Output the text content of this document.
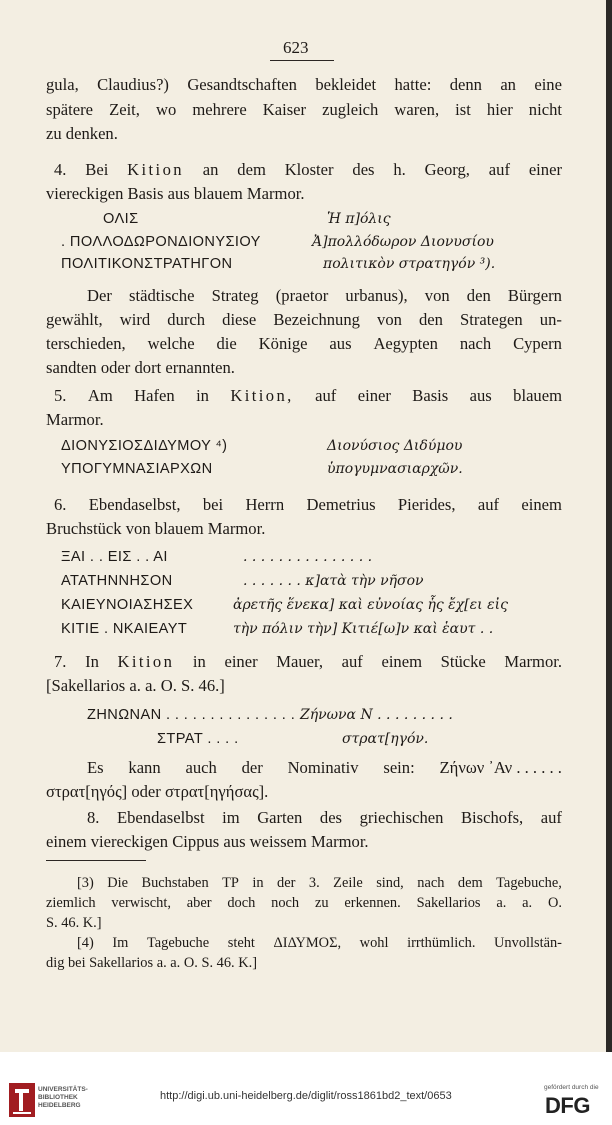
623
gula, Claudius?) Gesandtschaften bekleidet hatte: denn an eine
spätere Zeit, wo mehrere Kaiser zugleich waren, ist hier nicht
zu denken.
4. Bei Kition an dem Kloster des h. Georg, auf einer
viereckigen Basis aus blauem Marmor.
ΟΛΙΣ
. ΠΟΛΛΟΔΩΡΟΝΔΙΟΝΥΣΙΟΥ
ΠΟΛΙΤΙΚΟΝΣΤΡΑΤΗΓΟΝ
Ἡ π]όλις
Ἀ]πολλόδωρον Διονυσίου
πολιτικὸν στρατηγόν ³).
Der städtische Strateg (praetor urbanus), von den Bürgern
gewählt, wird durch diese Bezeichnung von den Strategen un-
terschieden, welche die Könige aus Aegypten nach Cypern
sandten oder dort ernannten.
5. Am Hafen in Kition, auf einer Basis aus blauem
Marmor.
ΔΙΟΝΥΣΙΟΣΔΙΔΥΜΟΥ ⁴)
ΥΠΟΓΥΜΝΑΣΙΑΡΧΩΝ
Διονύσιος Διδύμου
ὑπογυμνασιαρχῶν.
6. Ebendaselbst, bei Herrn Demetrius Pierides, auf einem
Bruchstück von blauem Marmor.
ΞΑΙ . . ΕΙΣ . . ΑΙ
ΑΤΑΤΗΝΝΗΣΟΝ
ΚΑΙΕΥΝΟΙΑΣΗΣΕΧ
ΚΙΤΙΕ . ΝΚΑΙΕΑΥΤ
. . . . . . . . . . . . . . .
. . . . . . . κ]ατὰ τὴν νῆσον
ἀρετῆς ἕνεκα] καὶ εὐνοίας ἧς ἔχ[ει εἰς
τὴν πόλιν τὴν] Κιτιέ[ω]ν καὶ ἑαυτ . .
7. In Kition in einer Mauer, auf einem Stücke Marmor.
[Sakellarios a. a. O. S. 46.]
ΖΗΝΩΝΑΝ . . . . . . . . . . . . . . .
ΣΤΡΑΤ . . . .
Ζήνωνα Ν . . . . . . . . .
στρατ[ηγόν.
Es kann auch der Nominativ sein: Ζήνων ᾿Αν . . . . . .
στρατ[ηγός] oder στρατ[ηγήσας].
8. Ebendaselbst im Garten des griechischen Bischofs, auf
einem viereckigen Cippus aus weissem Marmor.
[3) Die Buchstaben ΤΡ in der 3. Zeile sind, nach dem Tagebuche,
ziemlich verwischt, aber doch noch zu erkennen. Sakellarios a. a. O.
S. 46. K.]
[4) Im Tagebuche steht ΔΙΔΥΜΟΣ, wohl irrthümlich. Unvollstän-
dig bei Sakellarios a. a. O. S. 46. K.]
UNIVERSITÄTS-
BIBLIOTHEK
HEIDELBERG
http://digi.ub.uni-heidelberg.de/diglit/ross1861bd2_text/0653
gefördert durch die
DFG
